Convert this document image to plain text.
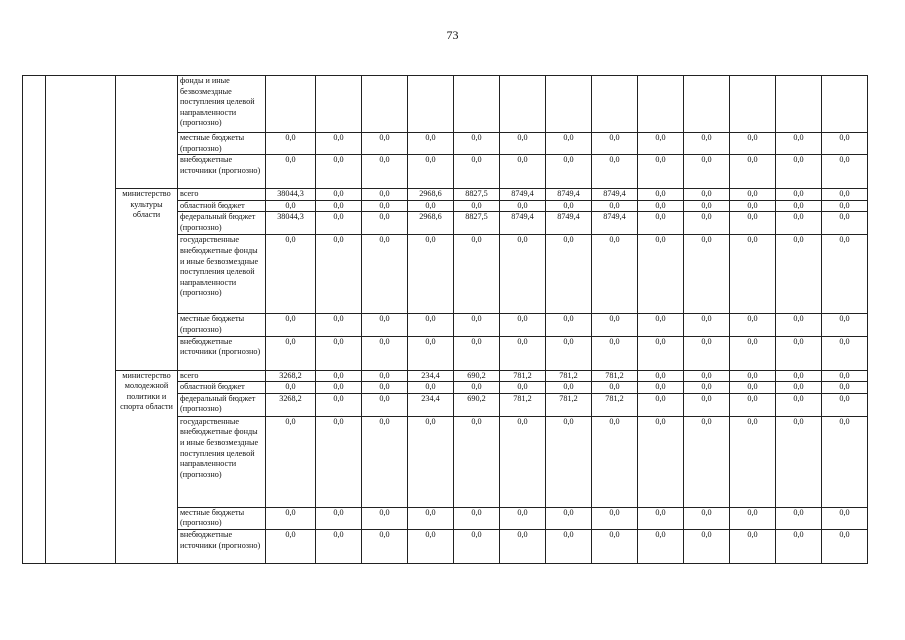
73
			фонды и иные безвозмездные поступления целевой направленности (прогнозно)													
			местные бюджеты (прогнозно)	0,0	0,0	0,0	0,0	0,0	0,0	0,0	0,0	0,0	0,0	0,0	0,0	0,0
			внебюджетные источники (прогнозно)	0,0	0,0	0,0	0,0	0,0	0,0	0,0	0,0	0,0	0,0	0,0	0,0	0,0
		министерство культуры области	всего	38044,3	0,0	0,0	2968,6	8827,5	8749,4	8749,4	8749,4	0,0	0,0	0,0	0,0	0,0
			областной бюджет	0,0	0,0	0,0	0,0	0,0	0,0	0,0	0,0	0,0	0,0	0,0	0,0	0,0
			федеральный бюджет (прогнозно)	38044,3	0,0	0,0	2968,6	8827,5	8749,4	8749,4	8749,4	0,0	0,0	0,0	0,0	0,0
			государственные внебюджетные фонды и иные безвозмездные поступления целевой направленности (прогнозно)	0,0	0,0	0,0	0,0	0,0	0,0	0,0	0,0	0,0	0,0	0,0	0,0	0,0
			местные бюджеты (прогнозно)	0,0	0,0	0,0	0,0	0,0	0,0	0,0	0,0	0,0	0,0	0,0	0,0	0,0
			внебюджетные источники (прогнозно)	0,0	0,0	0,0	0,0	0,0	0,0	0,0	0,0	0,0	0,0	0,0	0,0	0,0
		министерство молодежной политики и спорта области	всего	3268,2	0,0	0,0	234,4	690,2	781,2	781,2	781,2	0,0	0,0	0,0	0,0	0,0
			областной бюджет	0,0	0,0	0,0	0,0	0,0	0,0	0,0	0,0	0,0	0,0	0,0	0,0	0,0
			федеральный бюджет (прогнозно)	3268,2	0,0	0,0	234,4	690,2	781,2	781,2	781,2	0,0	0,0	0,0	0,0	0,0
			государственные внебюджетные фонды и иные безвозмездные поступления целевой направленности (прогнозно)	0,0	0,0	0,0	0,0	0,0	0,0	0,0	0,0	0,0	0,0	0,0	0,0	0,0
			местные бюджеты (прогнозно)	0,0	0,0	0,0	0,0	0,0	0,0	0,0	0,0	0,0	0,0	0,0	0,0	0,0
			внебюджетные источники (прогнозно)	0,0	0,0	0,0	0,0	0,0	0,0	0,0	0,0	0,0	0,0	0,0	0,0	0,0
